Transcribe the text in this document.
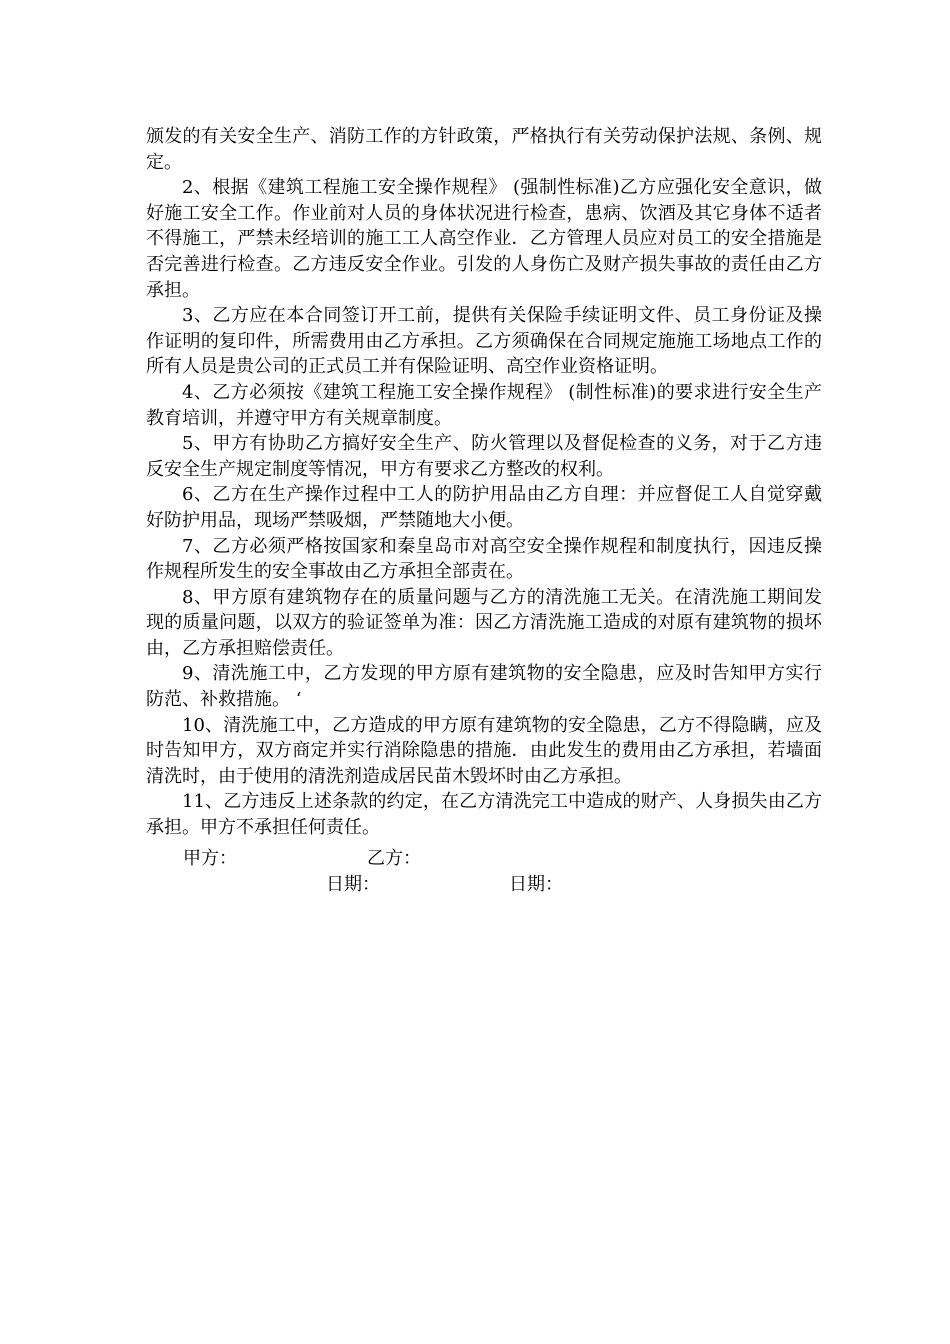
颁发的有关安全生产、消防工作的方针政策，严格执行有关劳动保护法规、条例、规定。

2、根据《建筑工程施工安全操作规程》 (强制性标准)乙方应强化安全意识，做好施工安全工作。作业前对人员的身体状况进行检查，患病、饮酒及其它身体不适者不得施工，严禁未经培训的施工工人高空作业．乙方管理人员应对员工的安全措施是否完善进行检查。乙方违反安全作业。引发的人身伤亡及财产损失事故的责任由乙方承担。

3、乙方应在本合同签订开工前，提供有关保险手续证明文件、员工身份证及操作证明的复印件，所需费用由乙方承担。乙方须确保在合同规定施施工场地点工作的所有人员是贵公司的正式员工并有保险证明、高空作业资格证明。

4、乙方必须按《建筑工程施工安全操作规程》 (制性标准)的要求进行安全生产教育培训，并遵守甲方有关规章制度。

5、甲方有协助乙方搞好安全生产、防火管理以及督促检查的义务，对于乙方违反安全生产规定制度等情况，甲方有要求乙方整改的权利。

6、乙方在生产操作过程中工人的防护用品由乙方自理：并应督促工人自觉穿戴好防护用品，现场严禁吸烟，严禁随地大小便。

7、乙方必须严格按国家和秦皇岛市对高空安全操作规程和制度执行，因违反操作规程所发生的安全事故由乙方承担全部责在。

8、甲方原有建筑物存在的质量问题与乙方的清洗施工无关。在清洗施工期间发现的质量问题，以双方的验证签单为准：因乙方清洗施工造成的对原有建筑物的损坏由，乙方承担赔偿责任。

9、清洗施工中，乙方发现的甲方原有建筑物的安全隐患，应及时告知甲方实行防范、补救措施。 ‘

10、清洗施工中，乙方造成的甲方原有建筑物的安全隐患，乙方不得隐瞒，应及时告知甲方，双方商定并实行消除隐患的措施．由此发生的费用由乙方承担，若墙面清洗时，由于使用的清洗剂造成居民苗木毁坏时由乙方承担。

11、乙方违反上述条款的约定，在乙方清洗完工中造成的财产、人身损失由乙方承担。甲方不承担任何责任。

甲方：	乙方：
日期：	日期：
